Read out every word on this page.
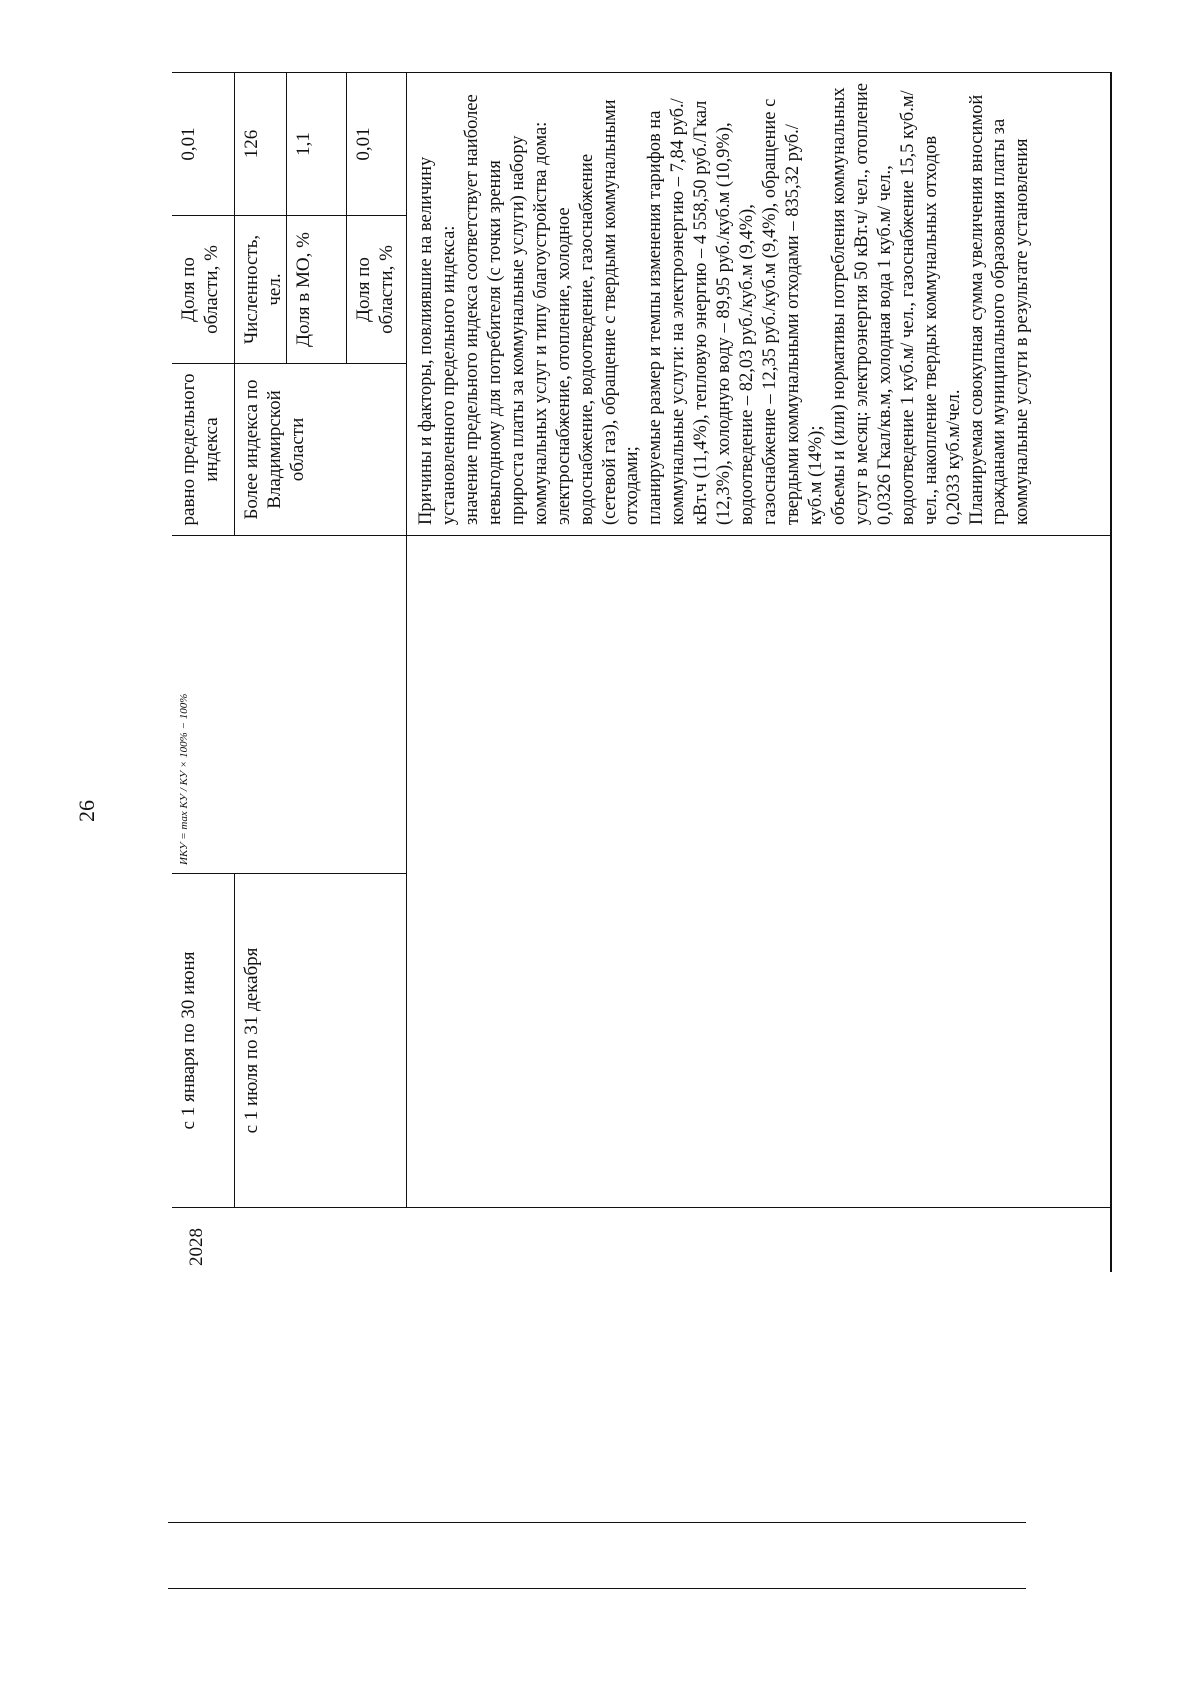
26
2028
с 1 января по 30 июня	с 1 июля по 31 декабря
ИКУ = max КУ / КУ × 100% − 100%
равно предельного индекса	Более индекса по Владимирской области
Доля по области, %
0,01
Численность, чел.
126
Доля в МО, %
1,1
Доля по области, %
0,01

Причины и факторы, повлиявшие на величину установленного предельного индекса: значение предельного индекса соответствует наиболее невыгодному для потребителя (с точки зрения прироста платы за коммунальные услуги) набору коммунальных услуг и типу благоустройства дома: электроснабжение, отопление, холодное водоснабжение, водоотведение, газоснабжение (сетевой газ), обращение с твердыми коммунальными отходами; планируемые размер и темпы изменения тарифов на коммунальные услуги: на электроэнергию – 7,84 руб./кВт.ч (11,4%), тепловую энергию – 4 558,50 руб./Гкал (12,3%), холодную воду – 89,95 руб./куб.м (10,9%), водоотведение – 82,03 руб./куб.м (9,4%), газоснабжение – 12,35 руб./куб.м (9,4%), обращение с твердыми коммунальными отходами – 835,32 руб./куб.м (14%); объемы и (или) нормативы потребления коммунальных услуг в месяц: электроэнергия 50 кВт.ч/ чел., отопление 0,0326 Гкал/кв.м, холодная вода 1 куб.м/ чел., водоотведение 1 куб.м/ чел., газоснабжение 15,5 куб.м/чел., накопление твердых коммунальных отходов 0,2033 куб.м/чел. Планируемая совокупная сумма увеличения вносимой гражданами муниципального образования платы за коммунальные услуги в результате установления
